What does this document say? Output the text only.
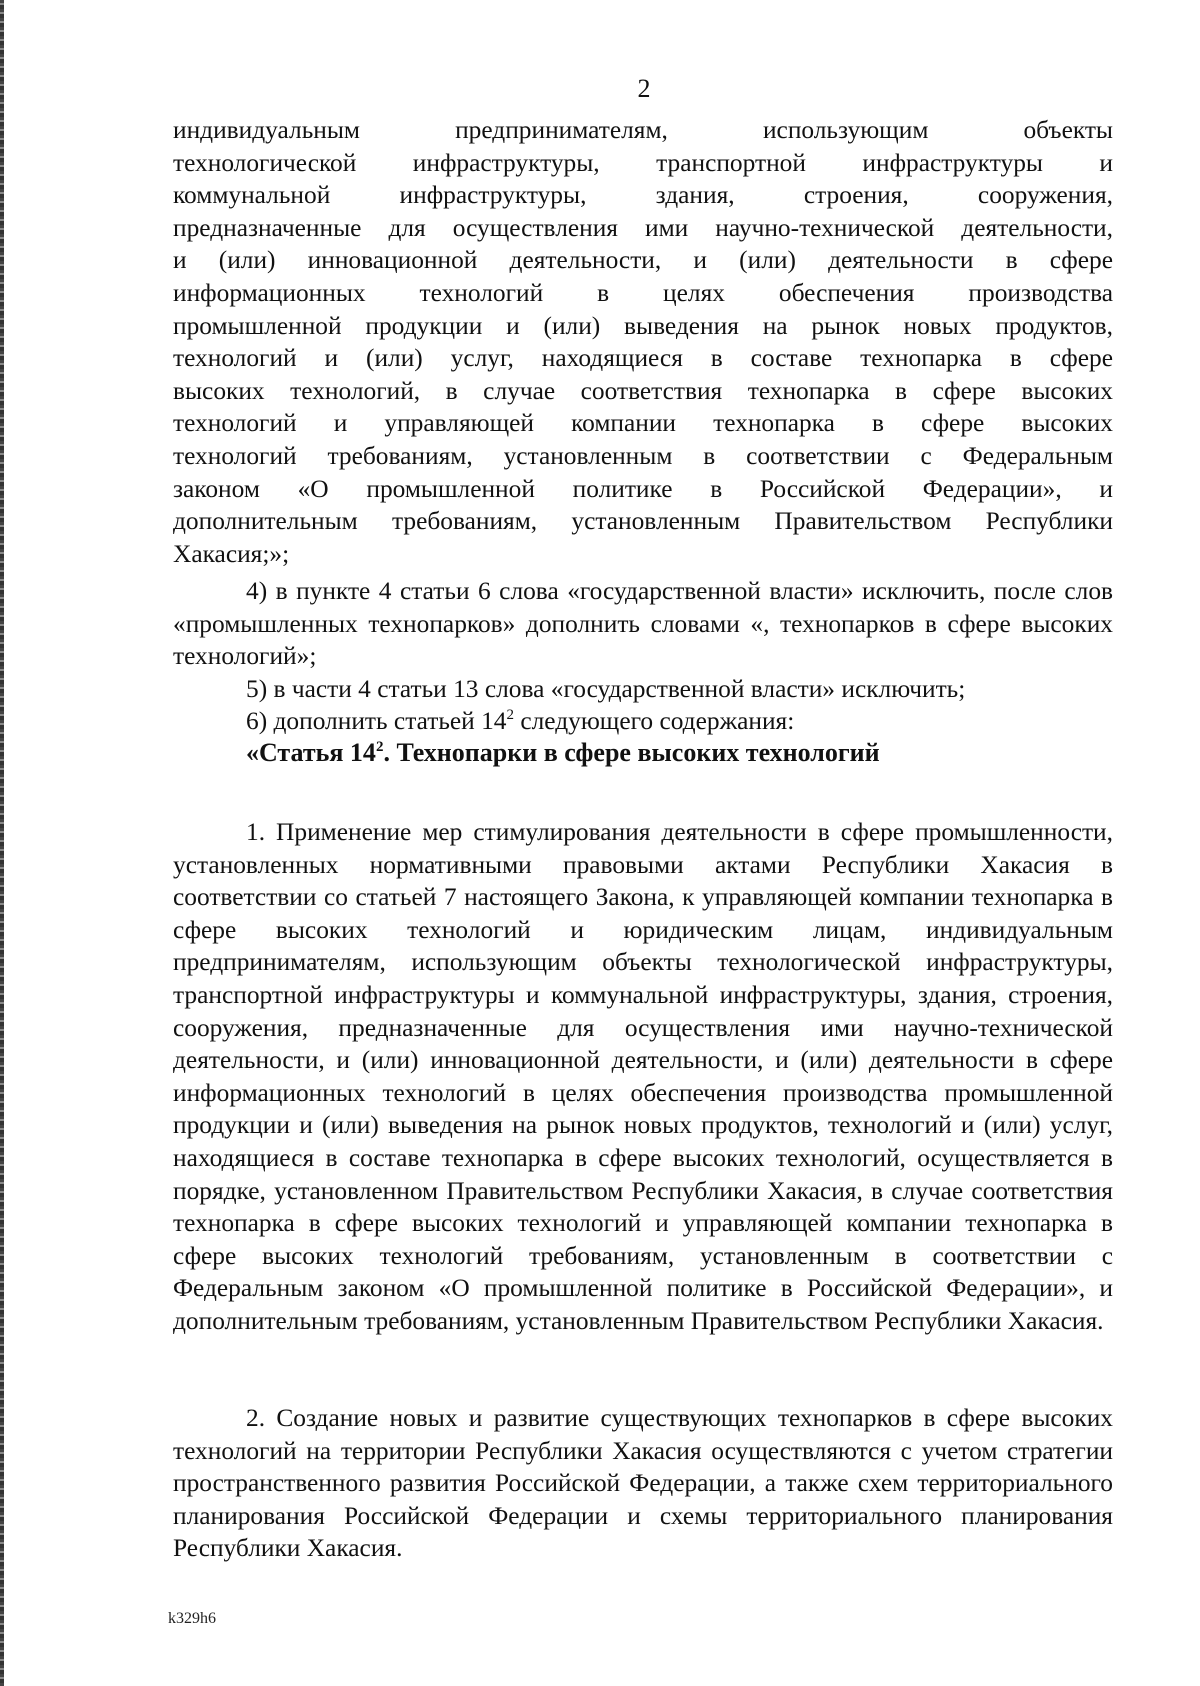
2

индивидуальным предпринимателям, использующим объекты

технологической инфраструктуры, транспортной инфраструктуры и

коммунальной инфраструктуры, здания, строения, сооружения,

предназначенные для осуществления ими научно-технической деятельности,

и (или) инновационной деятельности, и (или) деятельности в сфере

информационных технологий в целях обеспечения производства

промышленной продукции и (или) выведения на рынок новых продуктов,

технологий и (или) услуг, находящиеся в составе технопарка в сфере

высоких технологий, в случае соответствия технопарка в сфере высоких

технологий и управляющей компании технопарка в сфере высоких

технологий требованиям, установленным в соответствии с Федеральным

законом «О промышленной политике в Российской Федерации», и

дополнительным требованиям, установленным Правительством Республики

Хакасия;»;

4) в пункте 4 статьи 6 слова «государственной власти» исключить, после слов «промышленных технопарков» дополнить словами «, технопарков в сфере высоких технологий»;

5) в части 4 статьи 13 слова «государственной власти» исключить;

6) дополнить статьей $14^2$ следующего содержания:

«Статья $14^2$. Технопарки в сфере высоких технологий

1. Применение мер стимулирования деятельности в сфере промышленности, установленных нормативными правовыми актами Республики Хакасия в соответствии со статьей 7 настоящего Закона, к управляющей компании технопарка в сфере высоких технологий и юридическим лицам, индивидуальным предпринимателям, использующим объекты технологической инфраструктуры, транспортной инфраструктуры и коммунальной инфраструктуры, здания, строения, сооружения, предназначенные для осуществления ими научно-технической деятельности, и (или) инновационной деятельности, и (или) деятельности в сфере информационных технологий в целях обеспечения производства промышленной продукции и (или) выведения на рынок новых продуктов, технологий и (или) услуг, находящиеся в составе технопарка в сфере высоких технологий, осуществляется в порядке, установленном Правительством Республики Хакасия, в случае соответствия технопарка в сфере высоких технологий и управляющей компании технопарка в сфере высоких технологий требованиям, установленным в соответствии с Федеральным законом «О промышленной политике в Российской Федерации», и дополнительным требованиям, установленным Правительством Республики Хакасия.

2. Создание новых и развитие существующих технопарков в сфере высоких технологий на территории Республики Хакасия осуществляются с учетом стратегии пространственного развития Российской Федерации, а также схем территориального планирования Российской Федерации и схемы территориального планирования Республики Хакасия.

k329h6
